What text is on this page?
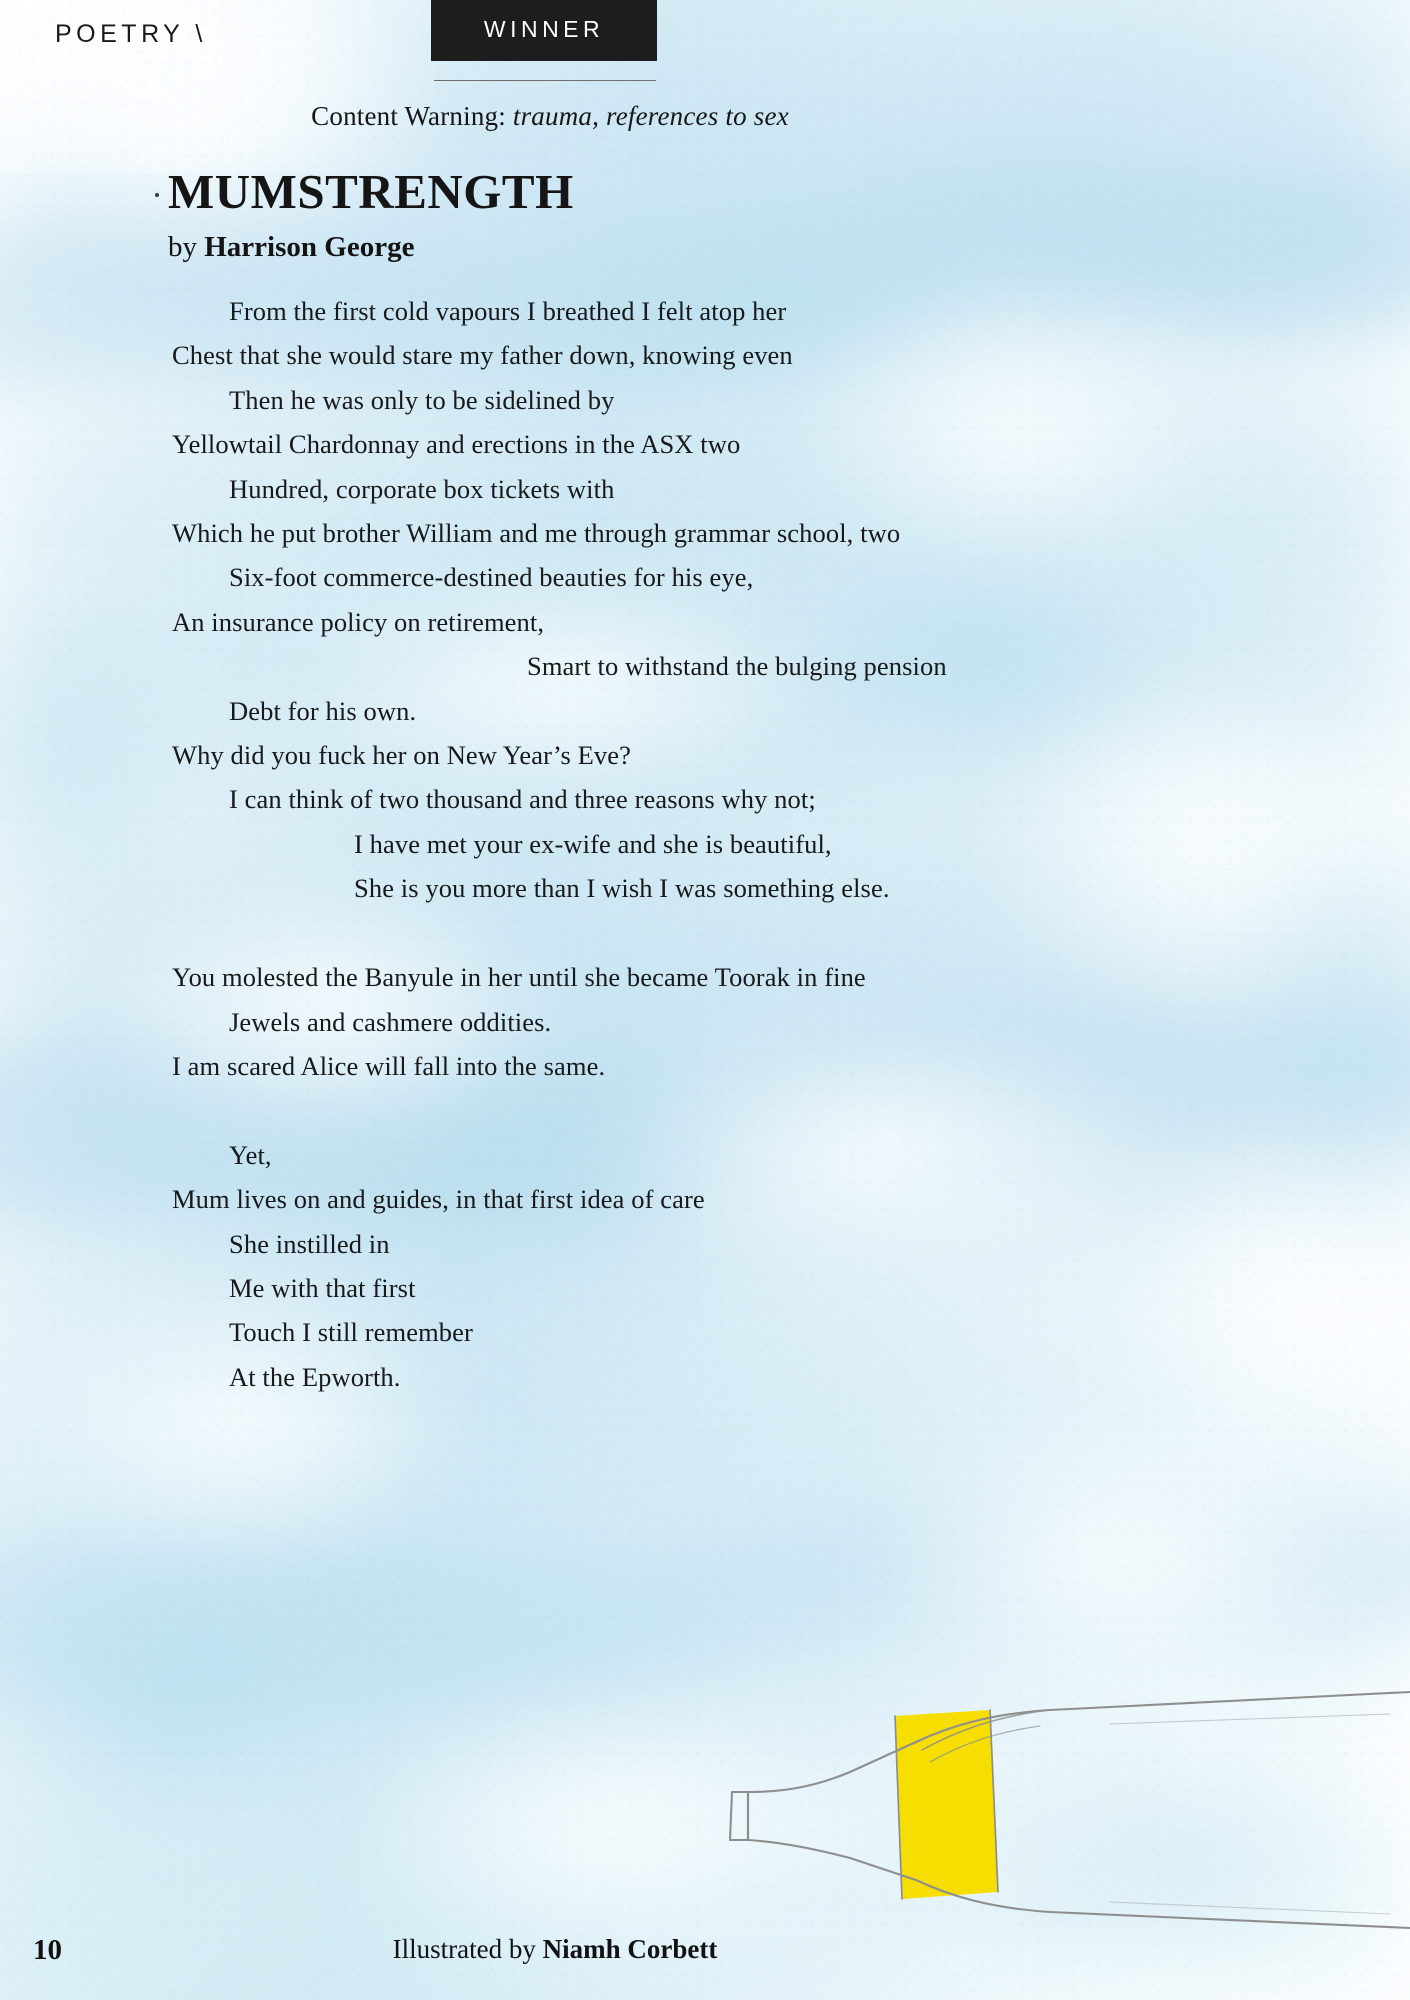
POETRY \	WINNER
Content Warning: trauma, references to sex
MUMSTRENGTH
by Harrison George
From the first cold vapours I breathed I felt atop her
Chest that she would stare my father down, knowing even
Then he was only to be sidelined by
Yellowtail Chardonnay and erections in the ASX two
Hundred, corporate box tickets with
Which he put brother William and me through grammar school, two
Six-foot commerce-destined beauties for his eye,
An insurance policy on retirement,
Smart to withstand the bulging pension
Debt for his own.
Why did you fuck her on New Year’s Eve?
I can think of two thousand and three reasons why not;
I have met your ex-wife and she is beautiful,
She is you more than I wish I was something else.

You molested the Banyule in her until she became Toorak in fine
Jewels and cashmere oddities.
I am scared Alice will fall into the same.

Yet,
Mum lives on and guides, in that first idea of care
She instilled in
Me with that first
Touch I still remember
At the Epworth.
10	Illustrated by Niamh Corbett
